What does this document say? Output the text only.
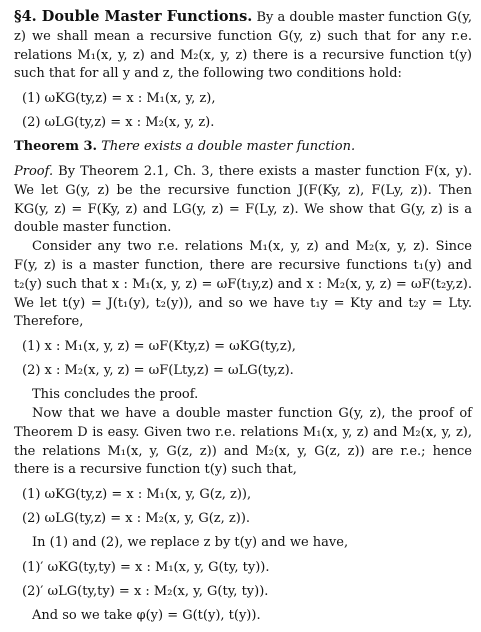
§4. Double Master Functions. By a double master function G(y, z) we shall mean a recursive function G(y, z) such that for any r.e. relations M₁(x, y, z) and M₂(x, y, z) there is a recursive function t(y) such that for all y and z, the following two conditions hold:

(1) ωKG(ty,z) = x : M₁(x, y, z),
(2) ωLG(ty,z) = x : M₂(x, y, z).

Theorem 3. There exists a double master function.

Proof. By Theorem 2.1, Ch. 3, there exists a master function F(x, y). We let G(y, z) be the recursive function J(F(Ky, z), F(Ly, z)). Then KG(y, z) = F(Ky, z) and LG(y, z) = F(Ly, z). We show that G(y, z) is a double master function.

Consider any two r.e. relations M₁(x, y, z) and M₂(x, y, z). Since F(y, z) is a master function, there are recursive functions t₁(y) and t₂(y) such that x : M₁(x, y, z) = ωF(t₁y,z) and x : M₂(x, y, z) = ωF(t₂y,z). We let t(y) = J(t₁(y), t₂(y)), and so we have t₁y = Kty and t₂y = Lty. Therefore,

(1) x : M₁(x, y, z) = ωF(Kty,z) = ωKG(ty,z),
(2) x : M₂(x, y, z) = ωF(Lty,z) = ωLG(ty,z).

This concludes the proof.

Now that we have a double master function G(y, z), the proof of Theorem D is easy. Given two r.e. relations M₁(x, y, z) and M₂(x, y, z), the relations M₁(x, y, G(z, z)) and M₂(x, y, G(z, z)) are r.e.; hence there is a recursive function t(y) such that,

(1) ωKG(ty,z) = x : M₁(x, y, G(z, z)),
(2) ωLG(ty,z) = x : M₂(x, y, G(z, z)).

In (1) and (2), we replace z by t(y) and we have,

(1)′ ωKG(ty,ty) = x : M₁(x, y, G(ty, ty)).
(2)′ ωLG(ty,ty) = x : M₂(x, y, G(ty, ty)).

And so we take φ(y) = G(t(y), t(y)).
